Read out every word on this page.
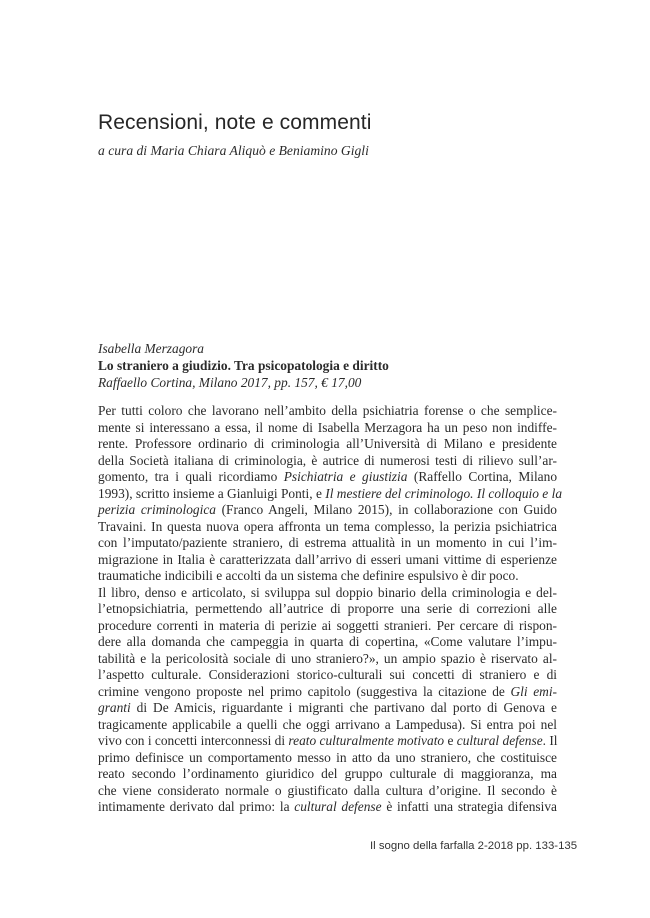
Recensioni, note e commenti
a cura di Maria Chiara Aliquò e Beniamino Gigli
Isabella Merzagora
Lo straniero a giudizio. Tra psicopatologia e diritto
Raffaello Cortina, Milano 2017, pp. 157, € 17,00
Per tutti coloro che lavorano nell’ambito della psichiatria forense o che semplice-
mente si interessano a essa, il nome di Isabella Merzagora ha un peso non indiffe-
rente. Professore ordinario di criminologia all’Università di Milano e presidente
della Società italiana di criminologia, è autrice di numerosi testi di rilievo sull’ar-
gomento, tra i quali ricordiamo Psichiatria e giustizia (Raffello Cortina, Milano
1993), scritto insieme a Gianluigi Ponti, e Il mestiere del criminologo. Il colloquio e la
perizia criminologica (Franco Angeli, Milano 2015), in collaborazione con Guido
Travaini. In questa nuova opera affronta un tema complesso, la perizia psichiatrica
con l’imputato/paziente straniero, di estrema attualità in un momento in cui l’im-
migrazione in Italia è caratterizzata dall’arrivo di esseri umani vittime di esperienze
traumatiche indicibili e accolti da un sistema che definire espulsivo è dir poco.
Il libro, denso e articolato, si sviluppa sul doppio binario della criminologia e del-
l’etnopsichiatria, permettendo all’autrice di proporre una serie di correzioni alle
procedure correnti in materia di perizie ai soggetti stranieri. Per cercare di rispon-
dere alla domanda che campeggia in quarta di copertina, «Come valutare l’impu-
tabilità e la pericolosità sociale di uno straniero?», un ampio spazio è riservato al-
l’aspetto culturale. Considerazioni storico-culturali sui concetti di straniero e di
crimine vengono proposte nel primo capitolo (suggestiva la citazione de Gli emi-
granti di De Amicis, riguardante i migranti che partivano dal porto di Genova e
tragicamente applicabile a quelli che oggi arrivano a Lampedusa). Si entra poi nel
vivo con i concetti interconnessi di reato culturalmente motivato e cultural defense. Il
primo definisce un comportamento messo in atto da uno straniero, che costituisce
reato secondo l’ordinamento giuridico del gruppo culturale di maggioranza, ma
che viene considerato normale o giustificato dalla cultura d’origine. Il secondo è
intimamente derivato dal primo: la cultural defense è infatti una strategia difensiva
Il sogno della farfalla 2-2018 pp. 133-135
